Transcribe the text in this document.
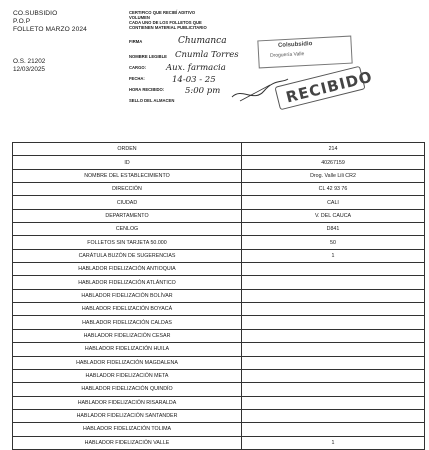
CO.SUBSIDIO
P.O.P
FOLLETO MARZO 2024
O.S. 21202
12/03/2025
CERTIFICO QUE RECIBÍ ADITIVO
VOLUMEN
CADA UNO DE LOS FOLLETOS QUE
CONTIENEN MATERIAL PUBLICITARIO
FIRMA
NOMBRE LEGIBLE
CARGO:
FECHA:
HORA RECIBIDO:
SELLO DEL ALMACEN
Chumanca
Cnumla Torres
Aux. farmacia
14-03 - 25
5:00 pm
Colsubsidio
Droguería Valle
RECIBIDO
ORDEN	214
ID	40267159
NOMBRE DEL ESTABLECIMIENTO	Drog. Valle Lili CR2
DIRECCIÓN	CL 42 93 76
CIUDAD	CALI
DEPARTAMENTO	V. DEL CAUCA
CENLOG	D841
FOLLETOS SIN TARJETA 50.000	50
CARÁTULA BUZÓN DE SUGERENCIAS	1
HABLADOR FIDELIZACIÓN ANTIOQUIA	
HABLADOR FIDELIZACIÓN ATLÁNTICO	
HABLADOR FIDELIZACIÓN BOLÍVAR	
HABLADOR FIDELIZACIÓN BOYACÁ	
HABLADOR FIDELIZACIÓN CALDAS	
HABLADOR FIDELIZACIÓN CESAR	
HABLADOR FIDELIZACIÓN HUILA	
HABLADOR FIDELIZACIÓN MAGDALENA	
HABLADOR FIDELIZACIÓN META	
HABLADOR FIDELIZACIÓN QUINDÍO	
HABLADOR FIDELIZACIÓN RISARALDA	
HABLADOR FIDELIZACIÓN SANTANDER	
HABLADOR FIDELIZACIÓN TOLIMA	
HABLADOR FIDELIZACIÓN VALLE	1
